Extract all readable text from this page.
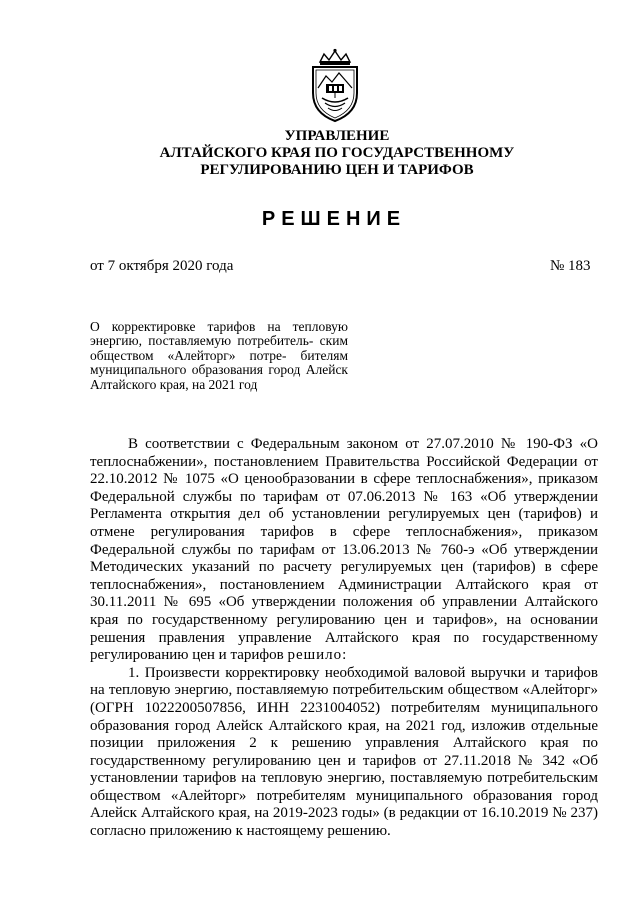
УПРАВЛЕНИЕ
АЛТАЙСКОГО КРАЯ ПО ГОСУДАРСТВЕННОМУ
РЕГУЛИРОВАНИЮ ЦЕН И ТАРИФОВ
РЕШЕНИЕ
от 7 октября 2020 года	№ 183
О корректировке тарифов на тепловую энергию, поставляемую потребитель- ским обществом «Алейторг» потре- бителям муниципального образования город Алейск Алтайского края, на 2021 год

В соответствии с Федеральным законом от 27.07.2010 № 190-ФЗ «О теплоснабжении», постановлением Правительства Российской Федерации от 22.10.2012 № 1075 «О ценообразовании в сфере теплоснабжения», приказом Федеральной службы по тарифам от 07.06.2013 № 163 «Об утверждении Регламента открытия дел об установлении регулируемых цен (тарифов) и отмене регулирования тарифов в сфере теплоснабжения», приказом Федеральной службы по тарифам от 13.06.2013 № 760-э «Об утверждении Методических указаний по расчету регулируемых цен (тарифов) в сфере теплоснабжения», постановлением Администрации Алтайского края от 30.11.2011 № 695 «Об утверждении положения об управлении Алтайского края по государственному регулированию цен и тарифов», на основании решения правления управление Алтайского края по государственному регулированию цен и тарифов решило:

1. Произвести корректировку необходимой валовой выручки и тарифов на тепловую энергию, поставляемую потребительским обществом «Алейторг» (ОГРН 1022200507856, ИНН 2231004052) потребителям муниципального образования город Алейск Алтайского края, на 2021 год, изложив отдельные позиции приложения 2 к решению управления Алтайского края по государственному регулированию цен и тарифов от 27.11.2018 № 342 «Об установлении тарифов на тепловую энергию, поставляемую потребительским обществом «Алейторг» потребителям муниципального образования город Алейск Алтайского края, на 2019-2023 годы» (в редакции от 16.10.2019 № 237) согласно приложению к настоящему решению.
